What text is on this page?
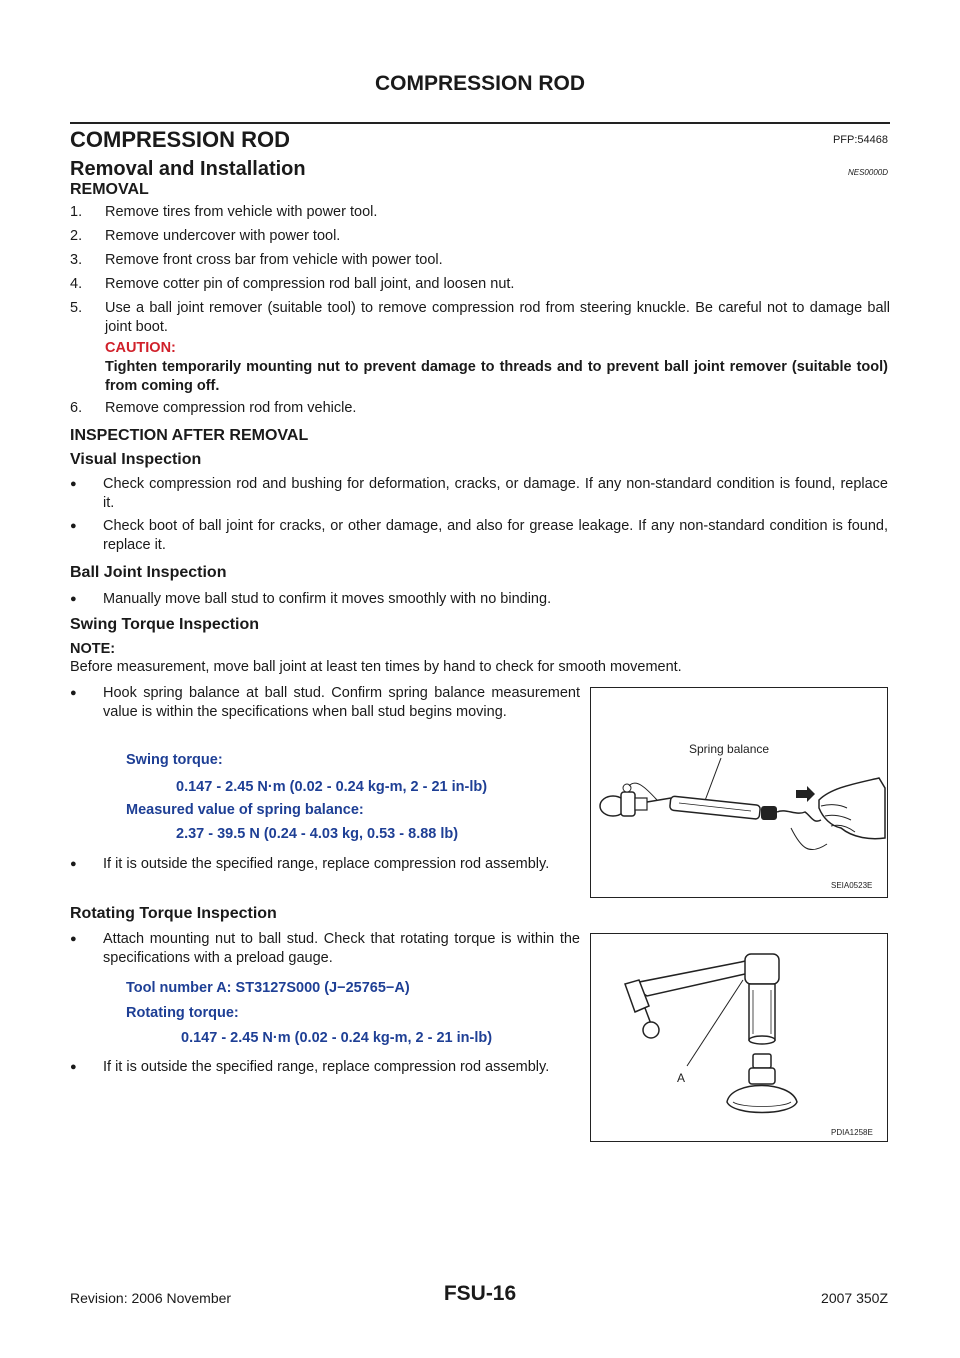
COMPRESSION ROD
COMPRESSION ROD	PFP:54468
Removal and Installation	NES0000D
REMOVAL
1. Remove tires from vehicle with power tool.
2. Remove undercover with power tool.
3. Remove front cross bar from vehicle with power tool.
4. Remove cotter pin of compression rod ball joint, and loosen nut.
5. Use a ball joint remover (suitable tool) to remove compression rod from steering knuckle. Be careful not to damage ball joint boot.
CAUTION:
Tighten temporarily mounting nut to prevent damage to threads and to prevent ball joint remover (suitable tool) from coming off.
6. Remove compression rod from vehicle.
INSPECTION AFTER REMOVAL
Visual Inspection
● Check compression rod and bushing for deformation, cracks, or damage. If any non-standard condition is found, replace it.
● Check boot of ball joint for cracks, or other damage, and also for grease leakage. If any non-standard condition is found, replace it.
Ball Joint Inspection
● Manually move ball stud to confirm it moves smoothly with no binding.
Swing Torque Inspection
NOTE:
Before measurement, move ball joint at least ten times by hand to check for smooth movement.
● Hook spring balance at ball stud. Confirm spring balance measurement value is within the specifications when ball stud begins moving.
Swing torque:
0.147 - 2.45 N·m (0.02 - 0.24 kg-m, 2 - 21 in-lb)
Measured value of spring balance:
2.37 - 39.5 N (0.24 - 4.03 kg, 0.53 - 8.88 lb)
● If it is outside the specified range, replace compression rod assembly.
Spring balance
SEIA0523E
Rotating Torque Inspection
● Attach mounting nut to ball stud. Check that rotating torque is within the specifications with a preload gauge.
Tool number A: ST3127S000 (J−25765−A)
Rotating torque:
0.147 - 2.45 N·m (0.02 - 0.24 kg-m, 2 - 21 in-lb)
● If it is outside the specified range, replace compression rod assembly.
A
PDIA1258E
Revision: 2006 November	FSU-16	2007 350Z
